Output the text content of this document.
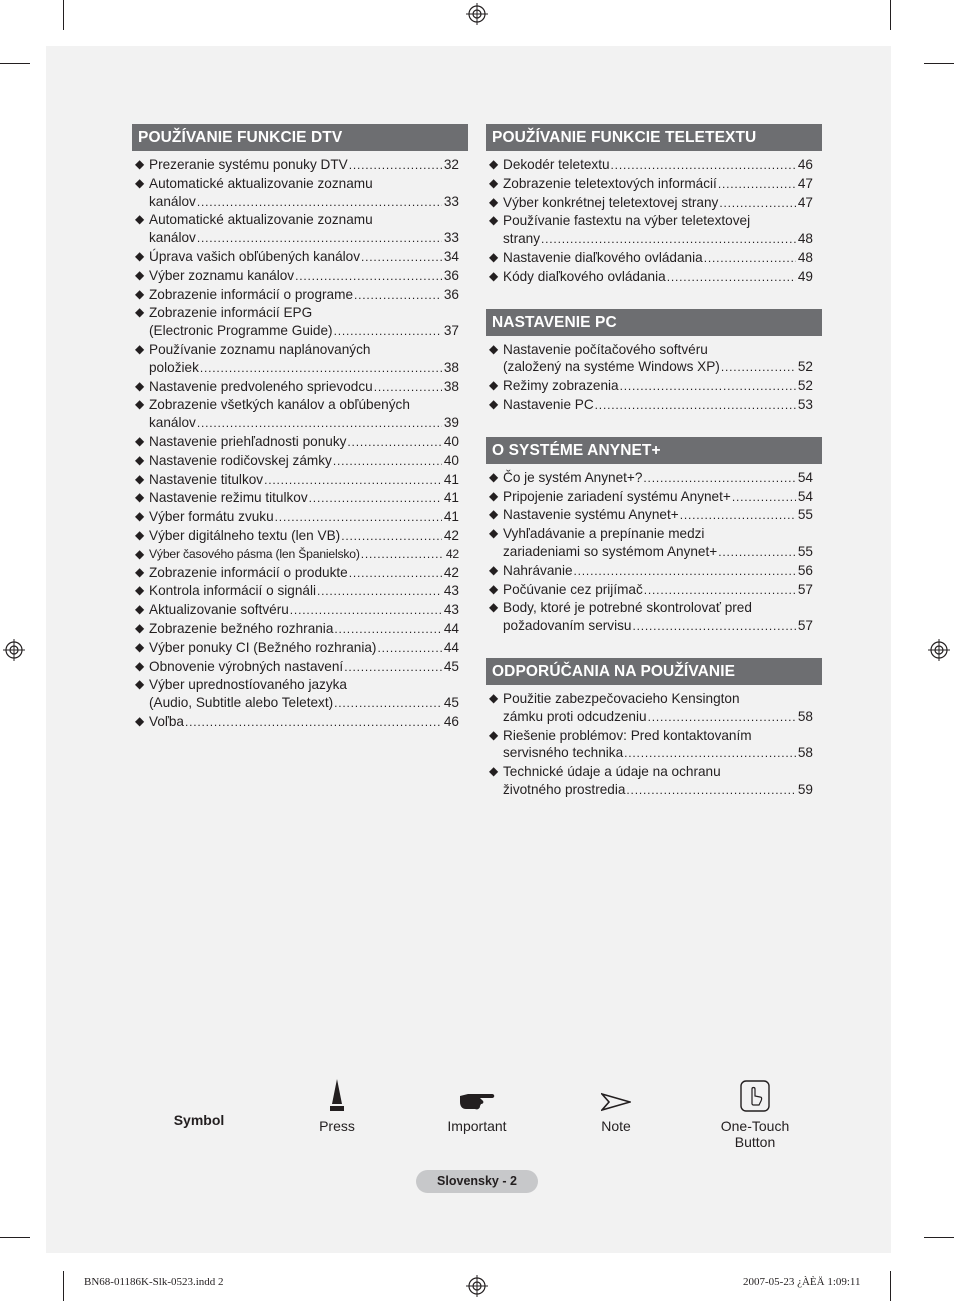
POUŽÍVANIE FUNKCIE DTV
◆ Prezeranie systému ponuky DTV .....	32
◆ Automatické aktualizovanie zoznamu
kanálov .....	33
◆ Automatické aktualizovanie zoznamu
kanálov .....	33
◆ Úprava vašich obľúbených kanálov .....	34
◆ Výber zoznamu kanálov .....	36
◆ Zobrazenie informácií o programe .....	36
◆ Zobrazenie informácií EPG
(Electronic Programme Guide) .....	37
◆ Používanie zoznamu naplánovaných
položiek .....	38
◆ Nastavenie predvoleného sprievodcu .....	38
◆ Zobrazenie všetkých kanálov a obľúbených
kanálov .....	39
◆ Nastavenie priehľadnosti ponuky .....	40
◆ Nastavenie rodičovskej zámky .....	40
◆ Nastavenie titulkov .....	41
◆ Nastavenie režimu titulkov .....	41
◆ Výber formátu zvuku .....	41
◆ Výber digitálneho textu (len VB) .....	42
◆ Výber časového pásma (len Španielsko) .....	42
◆ Zobrazenie informácií o produkte .....	42
◆ Kontrola informácií o signáli .....	43
◆ Aktualizovanie softvéru .....	43
◆ Zobrazenie bežného rozhrania .....	44
◆ Výber ponuky CI (Bežného rozhrania) .....	44
◆ Obnovenie výrobných nastavení .....	45
◆ Výber uprednostíovaného jazyka
(Audio, Subtitle alebo Teletext) .....	45
◆ Voľba .....	46
POUŽÍVANIE FUNKCIE TELETEXTU
◆ Dekodér teletextu .....	46
◆ Zobrazenie teletextových informácií .....	47
◆ Výber konkrétnej teletextovej strany .....	47
◆ Používanie fastextu na výber teletextovej
strany .....	48
◆ Nastavenie diaľkového ovládania .....	48
◆ Kódy diaľkového ovládania .....	49
NASTAVENIE PC
◆ Nastavenie počítačového softvéru
(založený na systéme Windows XP) .....	52
◆ Režimy zobrazenia .....	52
◆ Nastavenie PC .....	53
O SYSTÉME ANYNET+
◆ Čo je systém Anynet+? .....	54
◆ Pripojenie zariadení systému Anynet+ .....	54
◆ Nastavenie systému Anynet+ .....	55
◆ Vyhľadávanie a prepínanie medzi
zariadeniami so systémom Anynet+ .....	55
◆ Nahrávanie .....	56
◆ Počúvanie cez prijímač .....	57
◆ Body, ktoré je potrebné skontrolovať pred
požadovaním servisu .....	57
ODPORÚČANIA NA POUŽÍVANIE
◆ Použitie zabezpečovacieho Kensington
zámku proti odcudzeniu .....	58
◆ Riešenie problémov: Pred kontaktovaním
servisného technika .....	58
◆ Technické údaje a údaje na ochranu
životného prostredia .....	59
Symbol	Press	Important	Note	One-Touch
Button
Slovensky - 2
BN68-01186K-Slk-0523.indd 2	2007-05-23 ¿ÀÈÄ 1:09:11
